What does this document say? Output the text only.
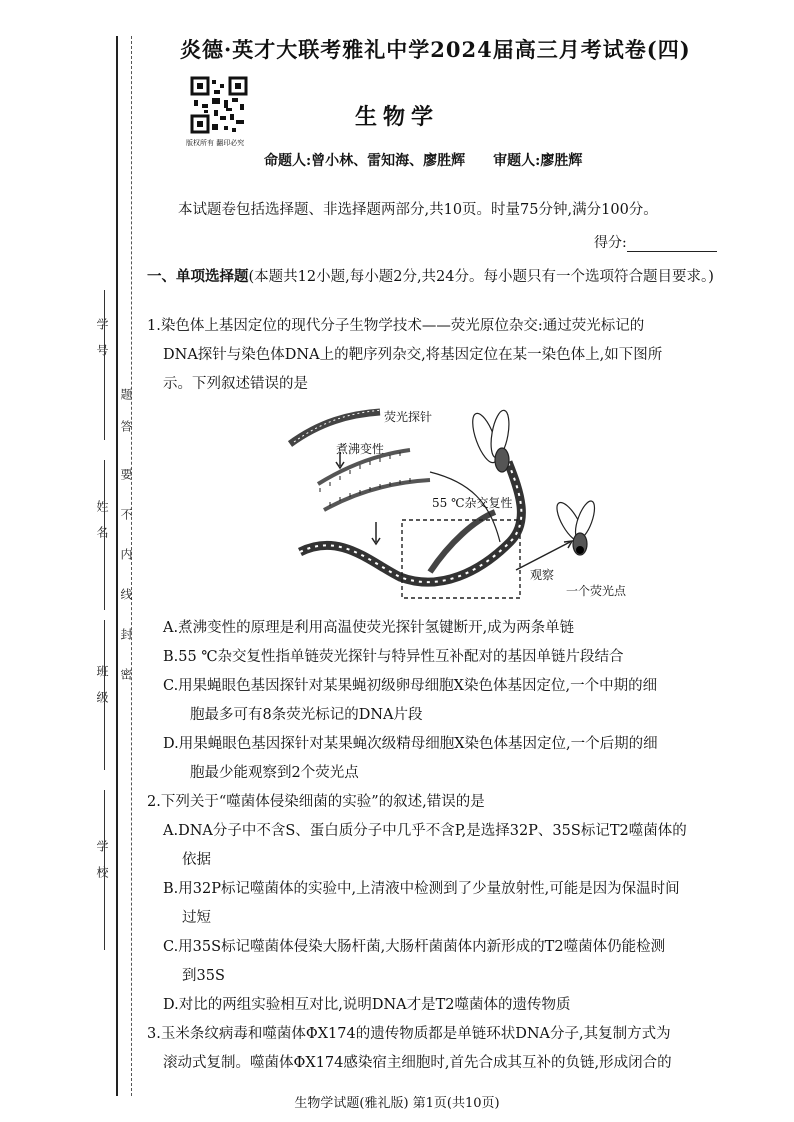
学号
姓名
班级
学校
题
答
要
不
内
线
封
密
炎德·英才大联考雅礼中学2024届高三月考试卷(四)
版权所有 翻印必究
生物学
命题人:曾小林、雷知海、廖胜辉 审题人:廖胜辉
本试题卷包括选择题、非选择题两部分,共10页。时量75分钟,满分100分。
得分:
一、单项选择题(本题共12小题,每小题2分,共24分。每小题只有一个选项符合题目要求。)
1.染色体上基因定位的现代分子生物学技术——荧光原位杂交:通过荧光标记的
DNA探针与染色体DNA上的靶序列杂交,将基因定位在某一染色体上,如下图所
示。下列叙述错误的是
荧光探针
煮沸变性
55 ℃杂交复性
观察
一个荧光点
A.煮沸变性的原理是利用高温使荧光探针氢键断开,成为两条单链
B.55 ℃杂交复性指单链荧光探针与特异性互补配对的基因单链片段结合
C.用果蝇眼色基因探针对某果蝇初级卵母细胞X染色体基因定位,一个中期的细
胞最多可有8条荧光标记的DNA片段
D.用果蝇眼色基因探针对某果蝇次级精母细胞X染色体基因定位,一个后期的细
胞最少能观察到2个荧光点
2.下列关于“噬菌体侵染细菌的实验”的叙述,错误的是
A.DNA分子中不含S、蛋白质分子中几乎不含P,是选择32P、35S标记T2噬菌体的
依据
B.用32P标记噬菌体的实验中,上清液中检测到了少量放射性,可能是因为保温时间
过短
C.用35S标记噬菌体侵染大肠杆菌,大肠杆菌菌体内新形成的T2噬菌体仍能检测
到35S
D.对比的两组实验相互对比,说明DNA才是T2噬菌体的遗传物质
3.玉米条纹病毒和噬菌体ΦX174的遗传物质都是单链环状DNA分子,其复制方式为
滚动式复制。噬菌体ΦX174感染宿主细胞时,首先合成其互补的负链,形成闭合的
生物学试题(雅礼版) 第1页(共10页)
